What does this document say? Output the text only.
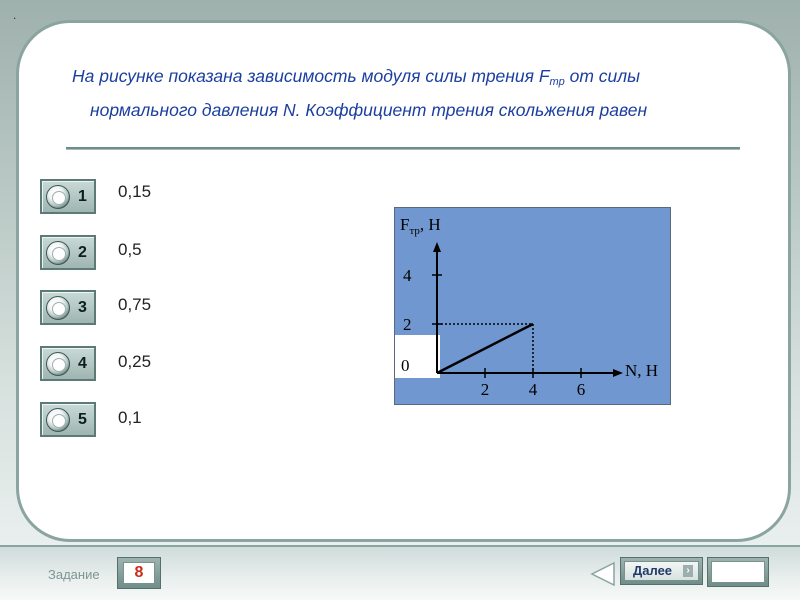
.
На рисунке показана зависимость модуля силы трения $F_{тр}$ от силы
нормального давления N. Коэффициент трения скольжения равен
1 0,15
2 0,5
3 0,75
4 0,25
5 0,1
$F_{тр}$, Н
N, Н
0
2 4 6
4
2
Задание	8	Далее	›
